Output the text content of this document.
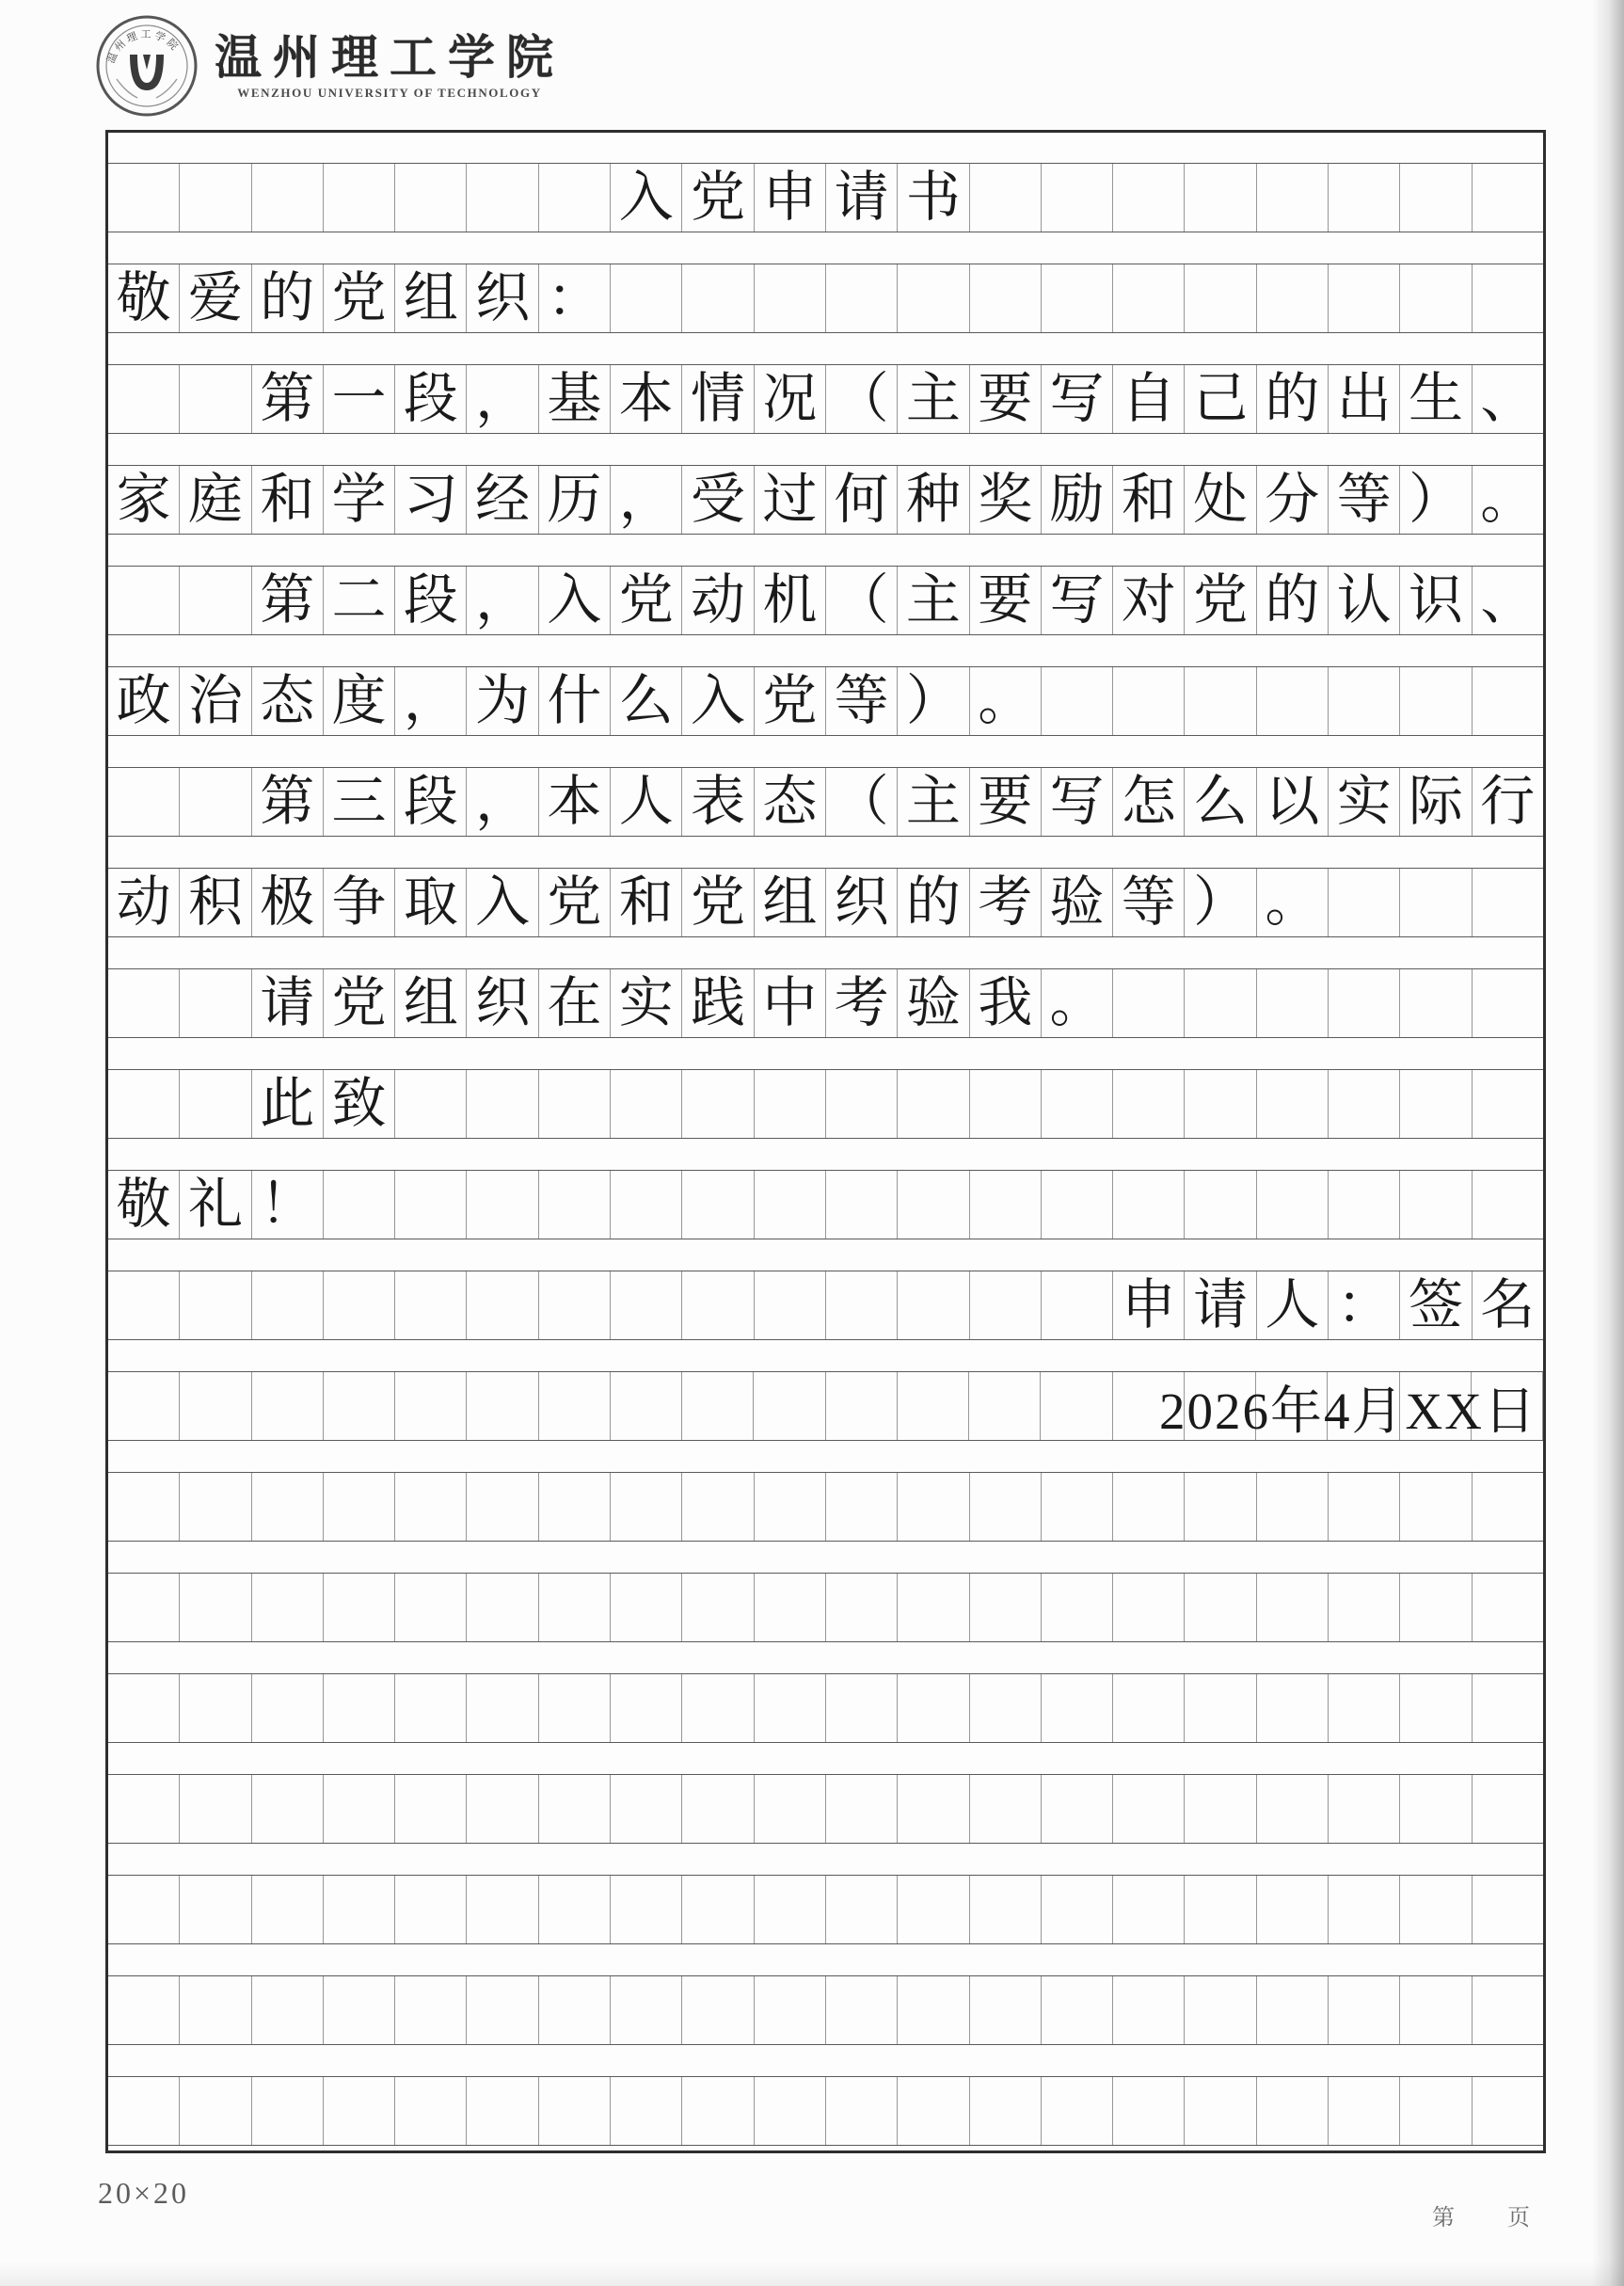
温州理工学院 温州理工学院
WENZHOU UNIVERSITY OF TECHNOLOGY
入 党 申 请 书
敬 爱 的 党 组 织 ：
第 一 段 ， 基 本 情 况 （ 主 要 写 自 己 的 出 生 、
家 庭 和 学 习 经 历 ， 受 过 何 种 奖 励 和 处 分 等 ） 。
第 二 段 ， 入 党 动 机 （ 主 要 写 对 党 的 认 识 、
政 治 态 度 ， 为 什 么 入 党 等 ） 。
第 三 段 ， 本 人 表 态 （ 主 要 写 怎 么 以 实 际 行
动 积 极 争 取 入 党 和 党 组 织 的 考 验 等 ） 。
请 党 组 织 在 实 践 中 考 验 我 。
此 致
敬 礼 ！
申 请 人 ： 签 名
2026年4月XX日
20×20
第 页
